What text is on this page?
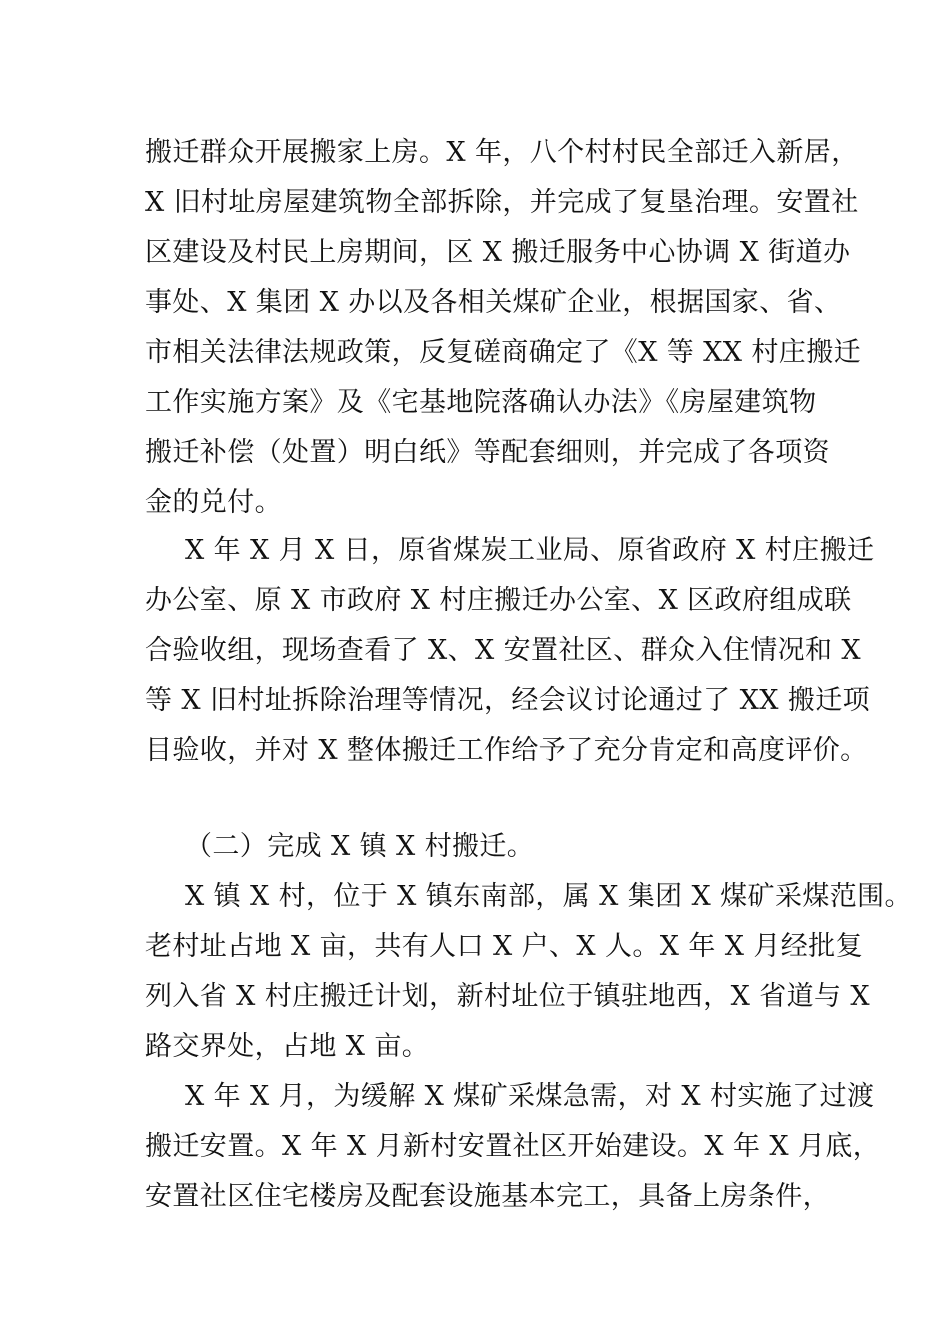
搬迁群众开展搬家上房。X 年，八个村村民全部迁入新居，
X 旧村址房屋建筑物全部拆除，并完成了复垦治理。安置社
区建设及村民上房期间，区 X 搬迁服务中心协调 X 街道办
事处、X 集团 X 办以及各相关煤矿企业，根据国家、省、
市相关法律法规政策，反复磋商确定了《X 等 XX 村庄搬迁
工作实施方案》及《宅基地院落确认办法》《房屋建筑物
搬迁补偿（处置）明白纸》等配套细则，并完成了各项资
金的兑付。
X 年 X 月 X 日，原省煤炭工业局、原省政府 X 村庄搬迁
办公室、原 X 市政府 X 村庄搬迁办公室、X 区政府组成联
合验收组，现场查看了 X、X 安置社区、群众入住情况和 X
等 X 旧村址拆除治理等情况，经会议讨论通过了 XX 搬迁项
目验收，并对 X 整体搬迁工作给予了充分肯定和高度评价。
（二）完成 X 镇 X 村搬迁。
X 镇 X 村，位于 X 镇东南部，属 X 集团 X 煤矿采煤范围。
老村址占地 X 亩，共有人口 X 户、X 人。X 年 X 月经批复
列入省 X 村庄搬迁计划，新村址位于镇驻地西，X 省道与 X
路交界处，占地 X 亩。
X 年 X 月，为缓解 X 煤矿采煤急需，对 X 村实施了过渡
搬迁安置。X 年 X 月新村安置社区开始建设。X 年 X 月底，
安置社区住宅楼房及配套设施基本完工，具备上房条件，
